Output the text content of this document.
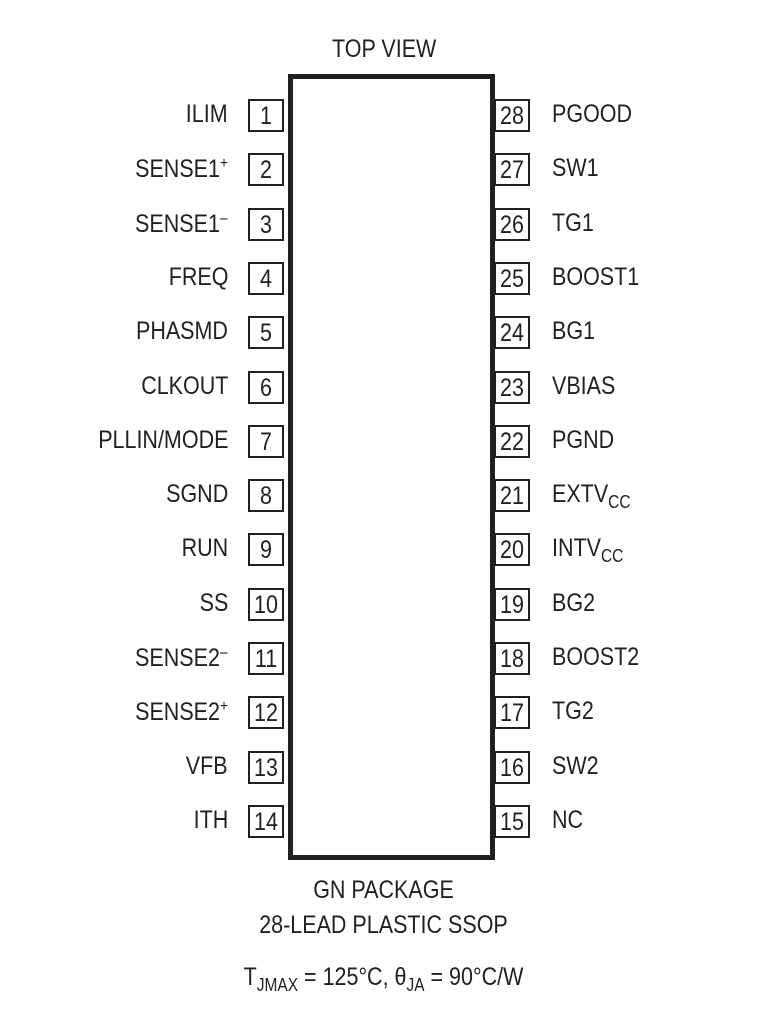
TOP VIEW
1
ILIM
2
SENSE1+
3
SENSE1–
4
FREQ
5
PHASMD
6
CLKOUT
7
PLLIN/MODE
8
SGND
9
RUN
10
SS
11
SENSE2–
12
SENSE2+
13
VFB
14
ITH
28 PGOOD
27 SW1
26 TG1
25 BOOST1
24 BG1
23 VBIAS
22 PGND
21 $EXTV_{CC}$
20 $INTV_{CC}$
19 BG2
18 BOOST2
17 TG2
16 SW2
15 NC
GN PACKAGE
28-LEAD PLASTIC SSOP
$T_{JMAX} = 125^\circ C$, $\theta_{JA} = 90^\circ C/W$
